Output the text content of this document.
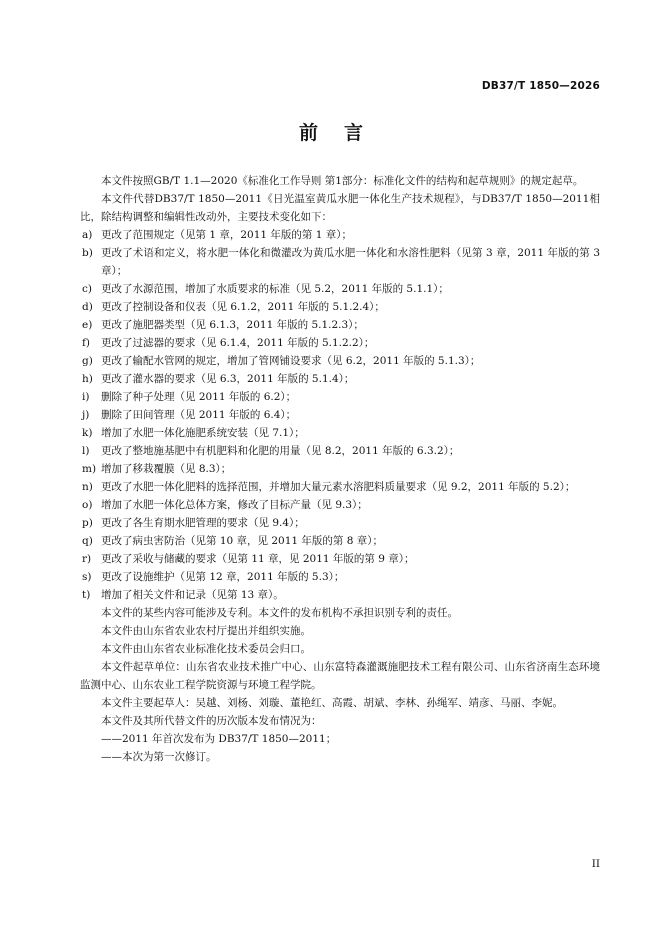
DB37/T 1850—2026
前言

本文件按照GB/T 1.1—2020《标准化工作导则 第1部分：标准化文件的结构和起草规则》的规定起草。

本文件代替DB37/T 1850—2011《日光温室黄瓜水肥一体化生产技术规程》，与DB37/T 1850—2011相比，除结构调整和编辑性改动外，主要技术变化如下：

a) 更改了范围规定（见第 1 章，2011 年版的第 1 章）；
b) 更改了术语和定义，将水肥一体化和微灌改为黄瓜水肥一体化和水溶性肥料（见第 3 章，2011 年版的第 3 章）；
c) 更改了水源范围，增加了水质要求的标准（见 5.2，2011 年版的 5.1.1）；
d) 更改了控制设备和仪表（见 6.1.2，2011 年版的 5.1.2.4）；
e) 更改了施肥器类型（见 6.1.3，2011 年版的 5.1.2.3）；
f) 更改了过滤器的要求（见 6.1.4，2011 年版的 5.1.2.2）；
g) 更改了输配水管网的规定，增加了管网铺设要求（见 6.2，2011 年版的 5.1.3）；
h) 更改了灌水器的要求（见 6.3，2011 年版的 5.1.4）；
i) 删除了种子处理（见 2011 年版的 6.2）；
j) 删除了田间管理（见 2011 年版的 6.4）；
k) 增加了水肥一体化施肥系统安装（见 7.1）；
l) 更改了整地施基肥中有机肥料和化肥的用量（见 8.2，2011 年版的 6.3.2）；
m) 增加了移栽覆膜（见 8.3）；
n) 更改了水肥一体化肥料的选择范围，并增加大量元素水溶肥料质量要求（见 9.2，2011 年版的 5.2）；
o) 增加了水肥一体化总体方案，修改了目标产量（见 9.3）；
p) 更改了各生育期水肥管理的要求（见 9.4）；
q) 更改了病虫害防治（见第 10 章，见 2011 年版的第 8 章）；
r) 更改了采收与储藏的要求（见第 11 章，见 2011 年版的第 9 章）；
s) 更改了设施维护（见第 12 章，2011 年版的 5.3）；
t) 增加了相关文件和记录（见第 13 章）。

本文件的某些内容可能涉及专利。本文件的发布机构不承担识别专利的责任。

本文件由山东省农业农村厅提出并组织实施。

本文件由山东省农业标准化技术委员会归口。

本文件起草单位：山东省农业技术推广中心、山东富特森灌溉施肥技术工程有限公司、山东省济南生态环境监测中心、山东农业工程学院资源与环境工程学院。

本文件主要起草人：吴越、刘杨、刘璇、董艳红、高霞、胡斌、李林、孙绳军、靖彦、马丽、李妮。

本文件及其所代替文件的历次版本发布情况为：

——2011 年首次发布为 DB37/T 1850—2011；

——本次为第一次修订。

II
